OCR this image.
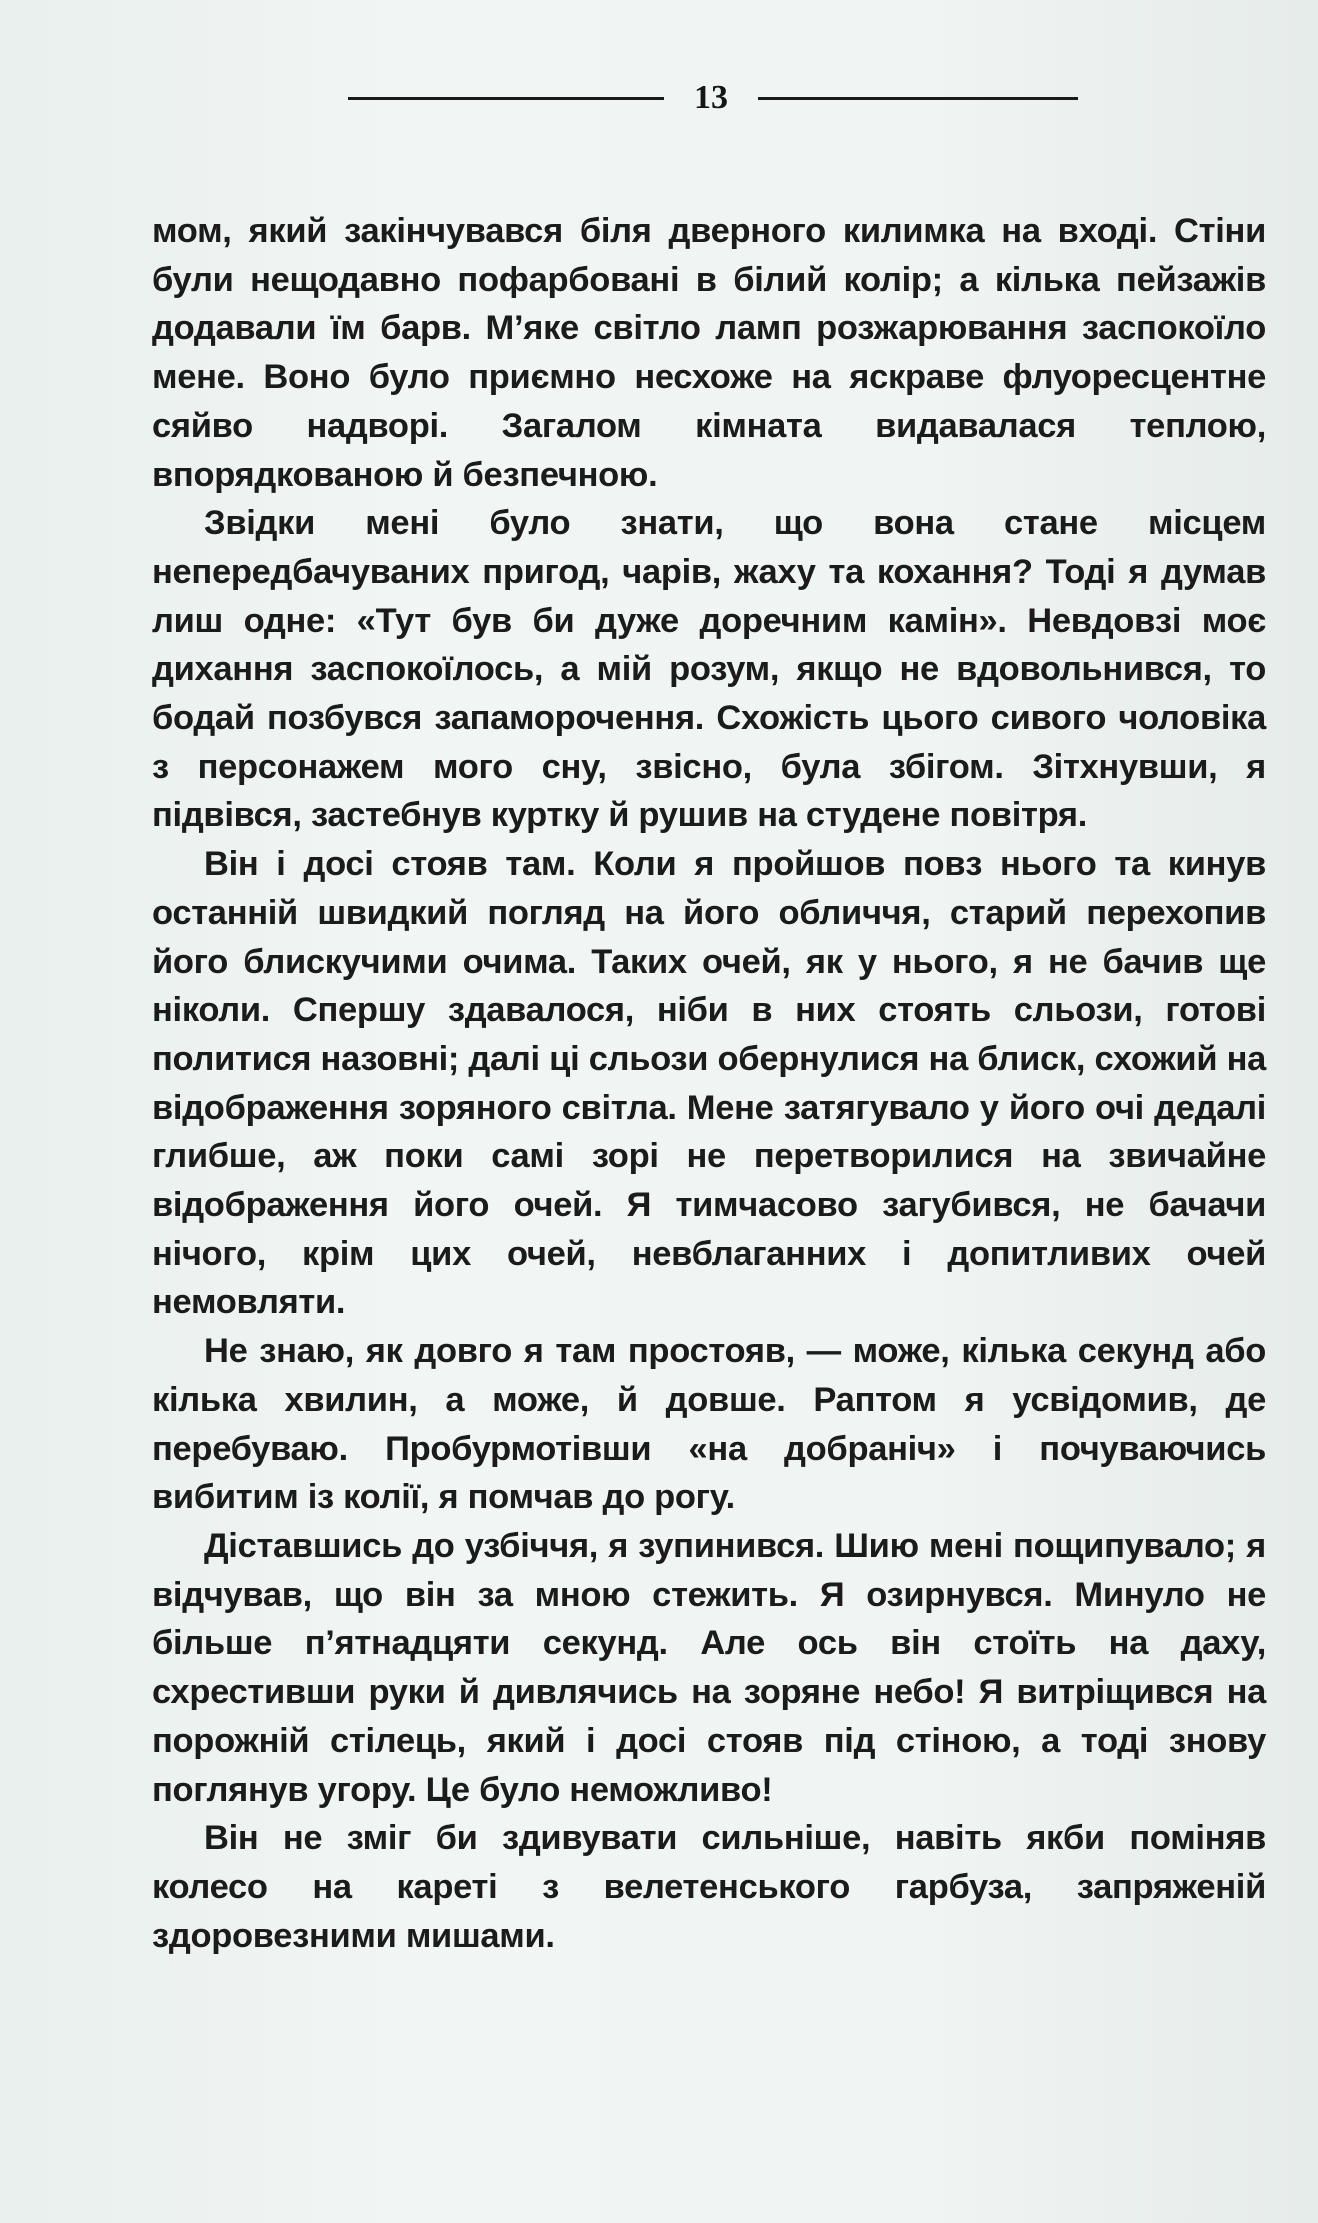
13

мом, який закінчувався біля дверного килимка на вході. Стіни були нещодавно пофарбовані в білий колір; а кілька пейзажів додавали їм барв. М’яке світло ламп розжарювання заспокоїло мене. Воно було приємно несхоже на яскраве флуоресцентне сяйво надворі. Загалом кімната видавалася теплою, впорядкованою й безпечною.

Звідки мені було знати, що вона стане місцем непередбачуваних пригод, чарів, жаху та кохання? Тоді я думав лиш одне: «Тут був би дуже доречним камін». Невдовзі моє дихання заспокоїлось, а мій розум, якщо не вдовольнився, то бодай позбувся запаморочення. Схожість цього сивого чоловіка з персонажем мого сну, звісно, була збігом. Зітхнувши, я підвівся, застебнув куртку й рушив на студене повітря.

Він і досі стояв там. Коли я пройшов повз нього та кинув останній швидкий погляд на його обличчя, старий перехопив його блискучими очима. Таких очей, як у нього, я не бачив ще ніколи. Спершу здавалося, ніби в них стоять сльози, готові политися назовні; далі ці сльози обернулися на блиск, схожий на відображення зоряного світла. Мене затягувало у його очі дедалі глибше, аж поки самі зорі не перетворилися на звичайне відображення його очей. Я тимчасово загубився, не бачачи нічого, крім цих очей, невблаганних і допитливих очей немовляти.

Не знаю, як довго я там простояв, — може, кілька секунд або кілька хвилин, а може, й довше. Раптом я усвідомив, де перебуваю. Пробурмотівши «на добраніч» і почуваючись вибитим із колії, я помчав до рогу.

Діставшись до узбіччя, я зупинився. Шию мені пощипувало; я відчував, що він за мною стежить. Я озирнувся. Минуло не більше п’ятнадцяти секунд. Але ось він стоїть на даху, схрестивши руки й дивлячись на зоряне небо! Я витріщився на порожній стілець, який і досі стояв під стіною, а тоді знову поглянув угору. Це було неможливо!

Він не зміг би здивувати сильніше, навіть якби поміняв колесо на кареті з велетенського гарбуза, запряженій здоровезними мишами.
